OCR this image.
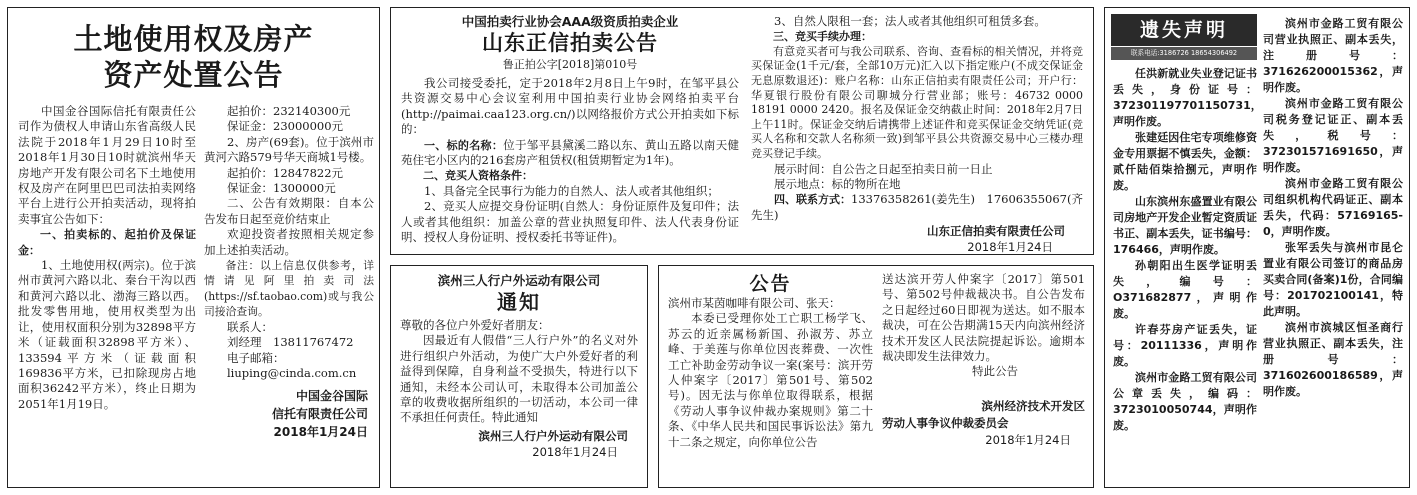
土地使用权及房产
资产处置公告

中国金谷国际信托有限责任公司作为债权人申请山东省高级人民法院于2018年1月29日10时至2018年1月30日10时就滨州华天房地产开发有限公司名下土地使用权及房产在阿里巴巴司法拍卖网络平台上进行公开拍卖活动，现将拍卖事宜公告如下：

一、拍卖标的、起拍价及保证金：

1、土地使用权(两宗)。位于滨州市黄河六路以北、秦台干沟以西和黄河六路以北、渤海三路以西。批发零售用地，使用权类型为出让，使用权面积分别为32898平方米（证载面积32898平方米）、133594平方米（证载面积169836平方米，已扣除现房占地面积36242平方米），终止日期为2051年1月19日。

起拍价：232140300元

保证金：23000000元

2、房产(69套)。位于滨州市黄河六路579号华天商城1号楼。

起拍价：12847822元

保证金：1300000元

二、公告有效期限：自本公告发布日起至竞价结束止

欢迎投资者按照相关规定参加上述拍卖活动。

备注：以上信息仅供参考，详情请见阿里拍卖司法(https://sf.taobao.com)或与我公司接洽查询。

联系人：

刘经理　13811767472

电子邮箱：

liuping@cinda.com.cn

中国金谷国际
信托有限责任公司
2018年1月24日
中国拍卖行业协会AAA级资质拍卖企业
山东正信拍卖公告
鲁正拍公字[2018]第010号

我公司接受委托，定于2018年2月8日上午9时，在邹平县公共资源交易中心会议室利用中国拍卖行业协会网络拍卖平台(http://paimai.caa123.org.cn/)以网络报价方式公开拍卖如下标的：

一、标的名称：位于邹平县黛溪二路以东、黄山五路以南天健苑住宅小区内的216套房产租赁权(租赁期暂定为1年)。

二、竞买人资格条件：

1、具备完全民事行为能力的自然人、法人或者其他组织；

2、竞买人应提交身份证明(自然人：身份证原件及复印件；法人或者其他组织：加盖公章的营业执照复印件、法人代表身份证明、授权人身份证明、授权委托书等证件)。

3、自然人限租一套；法人或者其他组织可租赁多套。

三、竞买手续办理：

有意竞买者可与我公司联系、咨询、查看标的相关情况，并将竞买保证金(1千元/套，全部10万元)汇入以下指定账户(不成交保证金无息原数退还)：账户名称：山东正信拍卖有限责任公司；开户行：华夏银行股份有限公司聊城分行营业部；账号：46732 0000 18191 0000 2420。报名及保证金交纳截止时间：2018年2月7日上午11时。保证金交纳后请携带上述证件和竞买保证金交纳凭证(竞买人名称和交款人名称须一致)到邹平县公共资源交易中心三楼办理竞买登记手续。

展示时间：自公告之日起至拍卖日前一日止

展示地点：标的物所在地

四、联系方式：13376358261(姜先生)　17606355067(齐先生)

山东正信拍卖有限责任公司
2018年1月24日
滨州三人行户外运动有限公司
通知

尊敬的各位户外爱好者朋友：

因最近有人假借“三人行户外”的名义对外进行组织户外活动，为使广大户外爱好者的利益得到保障，自身利益不受损失，特进行以下通知，未经本公司认可，未取得本公司加盖公章的收费收据所组织的一切活动，本公司一律不承担任何责任。特此通知

滨州三人行户外运动有限公司
2018年1月24日
公告

滨州市某茵咖啡有限公司、张天：

本委已受理你处工亡职工杨学飞、苏云的近亲属杨新国、孙淑芳、苏立峰、于美莲与你单位因丧葬费、一次性工亡补助金劳动争议一案(案号：滨开劳人仲案字〔2017〕第501号、第502号)。因无法与你单位取得联系，根据《劳动人事争议仲裁办案规则》第二十条、《中华人民共和国民事诉讼法》第九十二条之规定，向你单位公告

送达滨开劳人仲案字〔2017〕第501号、第502号仲裁裁决书。自公告发布之日起经过60日即视为送达。如不服本裁决，可在公告期满15天内向滨州经济技术开发区人民法院提起诉讼。逾期本裁决即发生法律效力。

特此公告

滨州经济技术开发区
劳动人事争议仲裁委员会
2018年1月24日
遗失声明
联系电话:3186726 18654306492

任洪新就业失业登记证书丢失，身份证号：372301197701150731，声明作废。

张建廷因住宅专项维修资金专用票据不慎丢失，金额：贰仟陆佰柒拾捌元，声明作废。

山东滨州东盛置业有限公司房地产开发企业暂定资质证书正、副本丢失，证书编号：176466，声明作废。

孙朝阳出生医学证明丢失，编号：O371682877，声明作废。

许春芬房产证丢失，证号：20111336，声明作废。

滨州市金路工贸有限公司公章丢失，编码：3723010050744，声明作废。

滨州市金路工贸有限公司营业执照正、副本丢失，注册号：371626200015362，声明作废。

滨州市金路工贸有限公司税务登记证正、副本丢失，税号：372301571691650，声明作废。

滨州市金路工贸有限公司组织机构代码证正、副本丢失，代码：57169165-0，声明作废。

张军丢失与滨州市昆仑置业有限公司签订的商品房买卖合同(备案)1份，合同编号：201702100141，特此声明。

滨州市滨城区恒圣商行营业执照正、副本丢失，注册号：371602600186589，声明作废。
